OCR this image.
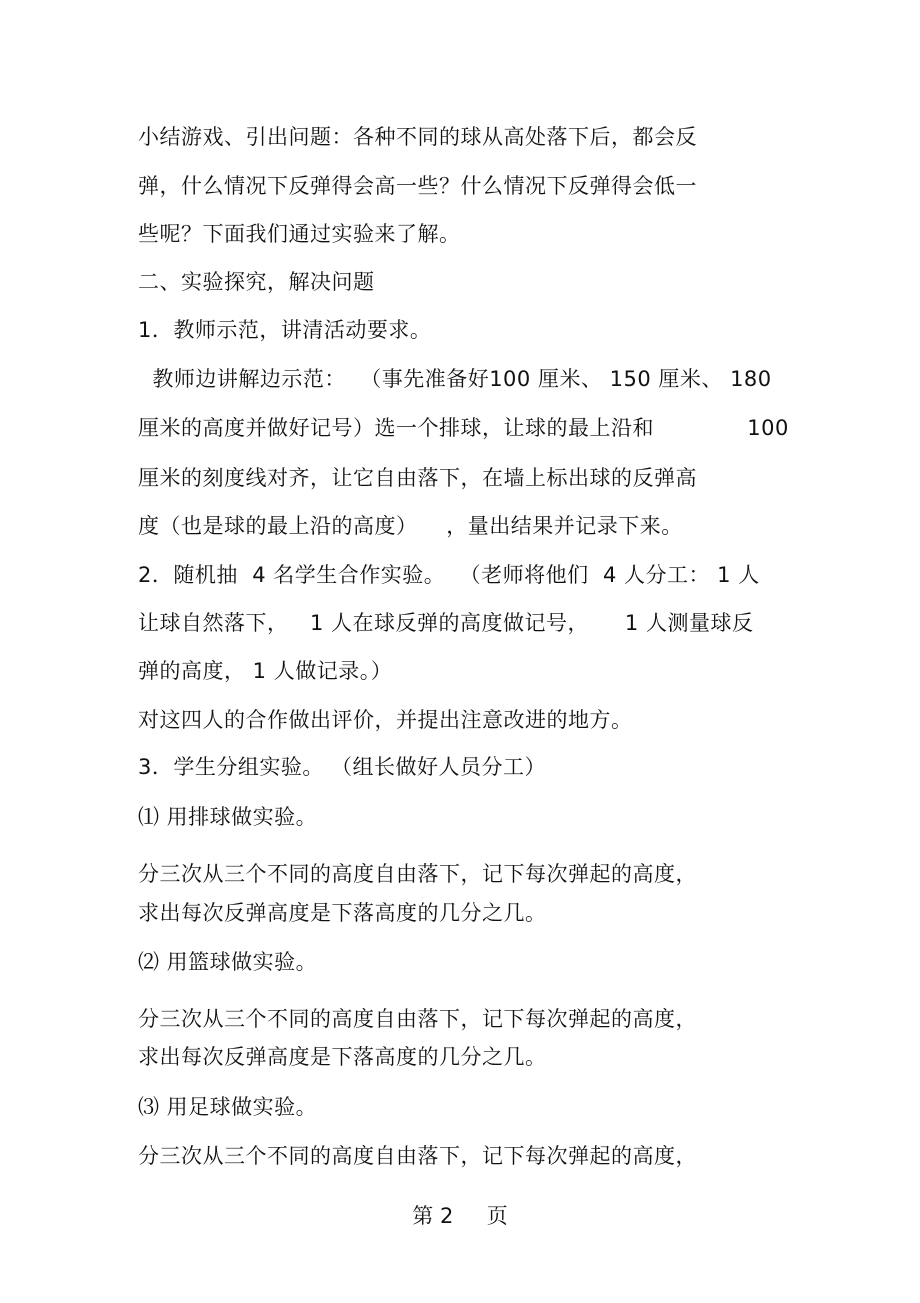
小结游戏、引出问题：各种不同的球从高处落下后，都会反
弹，什么情况下反弹得会高一些？什么情况下反弹得会低一
些呢？下面我们通过实验来了解。
二、实验探究，解决问题
1．教师示范，讲清活动要求。
教师边讲解边示范：  （事先准备好100 厘米、 150 厘米、 180
厘米的高度并做好记号）选一个排球，让球的最上沿和             100
厘米的刻度线对齐，让它自由落下，在墙上标出球的反弹高
度（也是球的最上沿的高度）    ，量出结果并记录下来。
2．随机抽  4 名学生合作实验。  （老师将他们  4 人分工： 1 人
让球自然落下，   1 人在球反弹的高度做记号，     1 人测量球反
弹的高度， 1 人做记录。）
对这四人的合作做出评价，并提出注意改进的地方。
3．学生分组实验。 （组长做好人员分工）
⑴ 用排球做实验。
分三次从三个不同的高度自由落下，记下每次弹起的高度，
求出每次反弹高度是下落高度的几分之几。
⑵ 用篮球做实验。
分三次从三个不同的高度自由落下，记下每次弹起的高度，
求出每次反弹高度是下落高度的几分之几。
⑶ 用足球做实验。
分三次从三个不同的高度自由落下，记下每次弹起的高度，
第 2     页
